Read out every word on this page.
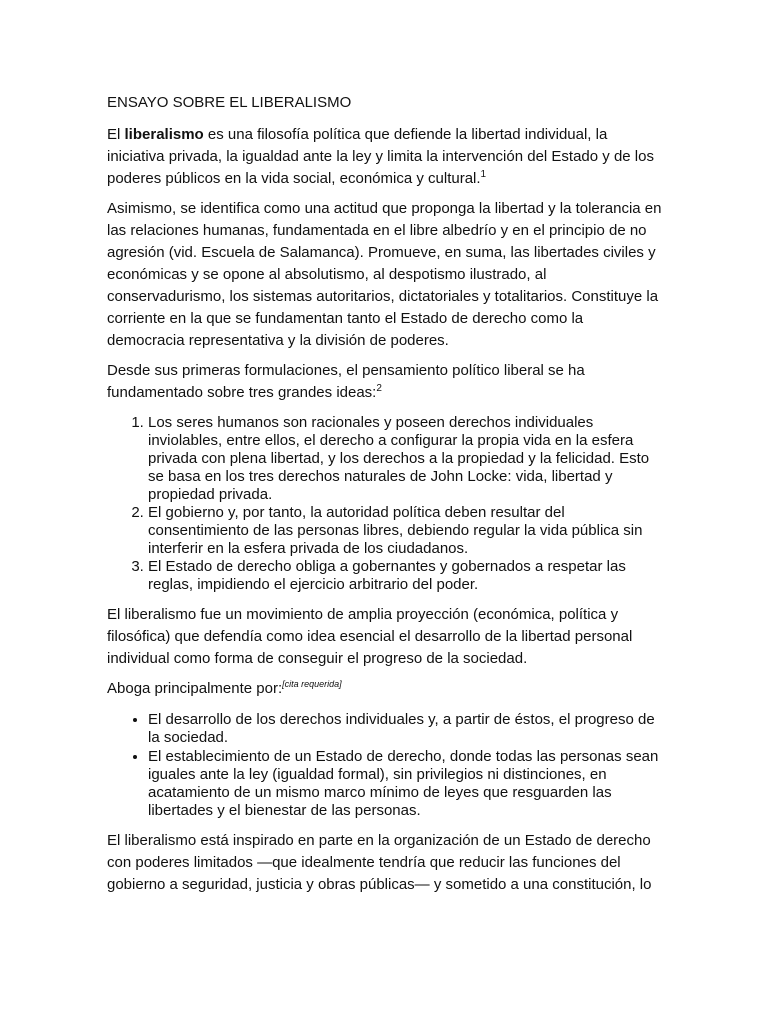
ENSAYO SOBRE EL LIBERALISMO

El liberalismo es una filosofía política que defiende la libertad individual, la iniciativa privada, la igualdad ante la ley y limita la intervención del Estado y de los poderes públicos en la vida social, económica y cultural.$^1$

Asimismo, se identifica como una actitud que proponga la libertad y la tolerancia en las relaciones humanas, fundamentada en el libre albedrío y en el principio de no agresión (vid. Escuela de Salamanca). Promueve, en suma, las libertades civiles y económicas y se opone al absolutismo, al despotismo ilustrado, al conservadurismo, los sistemas autoritarios, dictatoriales y totalitarios. Constituye la corriente en la que se fundamentan tanto el Estado de derecho como la democracia representativa y la división de poderes.

Desde sus primeras formulaciones, el pensamiento político liberal se ha fundamentado sobre tres grandes ideas:$^2$

1. Los seres humanos son racionales y poseen derechos individuales inviolables, entre ellos, el derecho a configurar la propia vida en la esfera privada con plena libertad, y los derechos a la propiedad y la felicidad. Esto se basa en los tres derechos naturales de John Locke: vida, libertad y propiedad privada.
2. El gobierno y, por tanto, la autoridad política deben resultar del consentimiento de las personas libres, debiendo regular la vida pública sin interferir en la esfera privada de los ciudadanos.
3. El Estado de derecho obliga a gobernantes y gobernados a respetar las reglas, impidiendo el ejercicio arbitrario del poder.

El liberalismo fue un movimiento de amplia proyección (económica, política y filosófica) que defendía como idea esencial el desarrollo de la libertad personal individual como forma de conseguir el progreso de la sociedad.

Aboga principalmente por:[cita requerida]

• El desarrollo de los derechos individuales y, a partir de éstos, el progreso de la sociedad.
• El establecimiento de un Estado de derecho, donde todas las personas sean iguales ante la ley (igualdad formal), sin privilegios ni distinciones, en acatamiento de un mismo marco mínimo de leyes que resguarden las libertades y el bienestar de las personas.

El liberalismo está inspirado en parte en la organización de un Estado de derecho con poderes limitados —que idealmente tendría que reducir las funciones del gobierno a seguridad, justicia y obras públicas— y sometido a una constitución, lo
